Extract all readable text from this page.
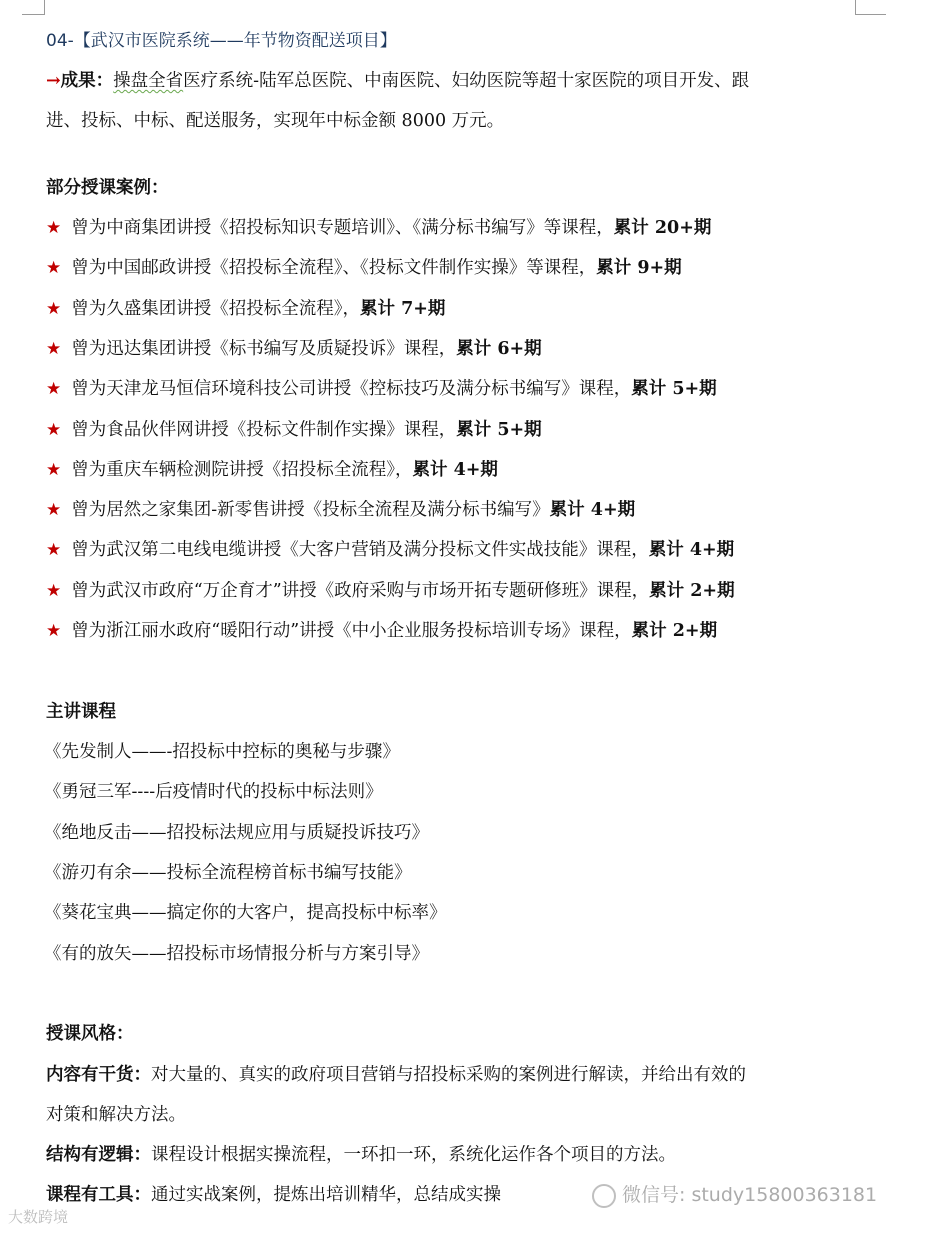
04-【武汉市医院系统——年节物资配送项目】
→成果：操盘全省医疗系统-陆军总医院、中南医院、妇幼医院等超十家医院的项目开发、跟
进、投标、中标、配送服务，实现年中标金额 8000 万元。
部分授课案例：
★ 曾为中商集团讲授《招投标知识专题培训》、《满分标书编写》等课程，累计 20+期
★ 曾为中国邮政讲授《招投标全流程》、《投标文件制作实操》等课程，累计 9+期
★ 曾为久盛集团讲授《招投标全流程》，累计 7+期
★ 曾为迅达集团讲授《标书编写及质疑投诉》课程，累计 6+期
★ 曾为天津龙马恒信环境科技公司讲授《控标技巧及满分标书编写》课程，累计 5+期
★ 曾为食品伙伴网讲授《投标文件制作实操》课程，累计 5+期
★ 曾为重庆车辆检测院讲授《招投标全流程》，累计 4+期
★ 曾为居然之家集团-新零售讲授《投标全流程及满分标书编写》累计 4+期
★ 曾为武汉第二电线电缆讲授《大客户营销及满分投标文件实战技能》课程，累计 4+期
★ 曾为武汉市政府“万企育才”讲授《政府采购与市场开拓专题研修班》课程，累计 2+期
★ 曾为浙江丽水政府“暖阳行动”讲授《中小企业服务投标培训专场》课程，累计 2+期
主讲课程
《先发制人——-招投标中控标的奥秘与步骤》
《勇冠三军----后疫情时代的投标中标法则》
《绝地反击——招投标法规应用与质疑投诉技巧》
《游刃有余——投标全流程榜首标书编写技能》
《葵花宝典——搞定你的大客户，提高投标中标率》
《有的放矢——招投标市场情报分析与方案引导》
授课风格：
内容有干货：对大量的、真实的政府项目营销与招投标采购的案例进行解读，并给出有效的
对策和解决方法。
结构有逻辑：课程设计根据实操流程，一环扣一环，系统化运作各个项目的方法。
课程有工具：通过实战案例，提炼出培训精华，总结成实操
大数跨境
微信号: study15800363181
